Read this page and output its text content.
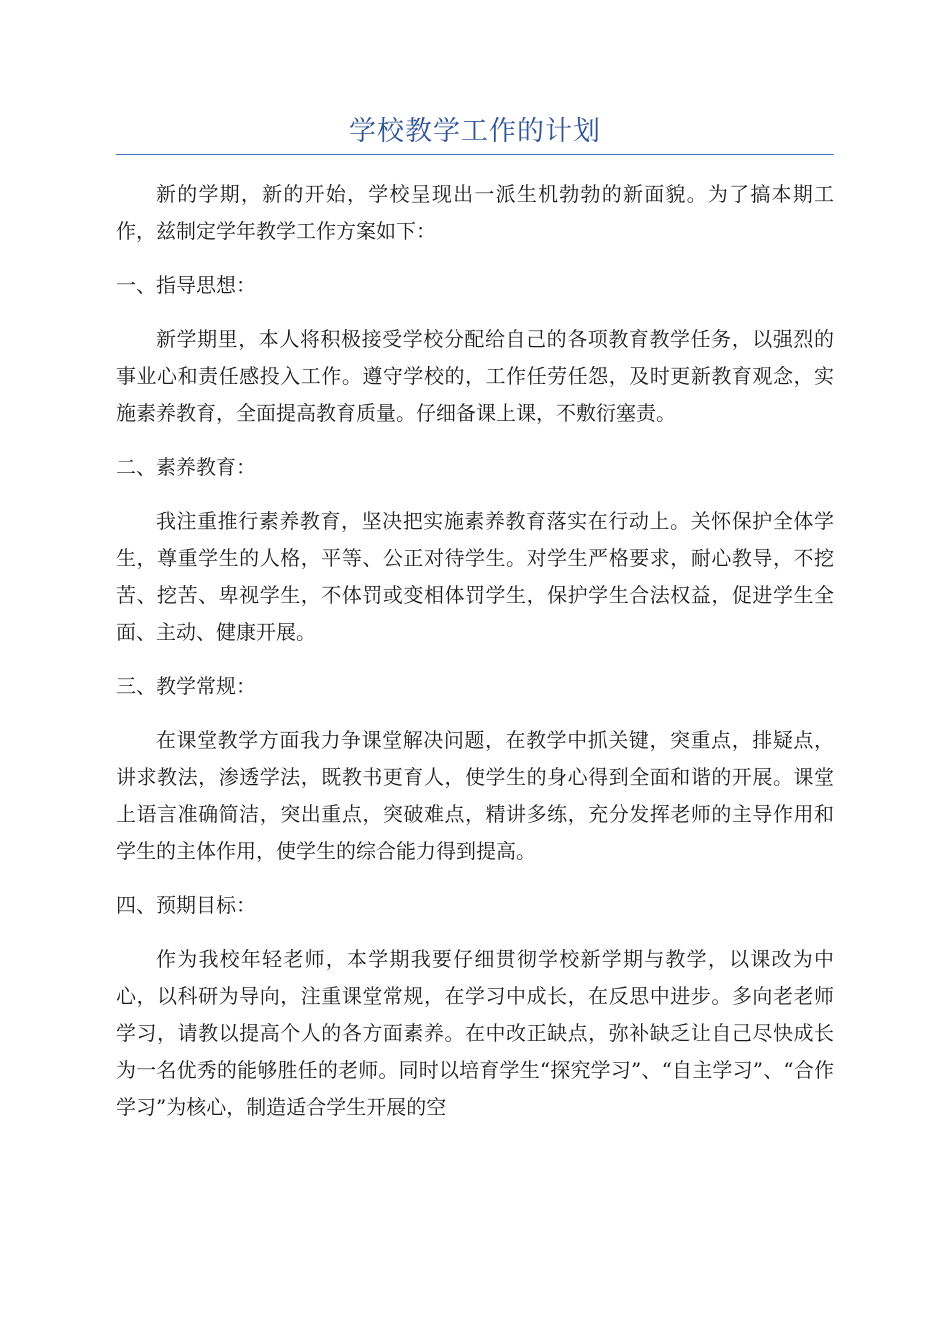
学校教学工作的计划

新的学期，新的开始，学校呈现出一派生机勃勃的新面貌。为了搞本期工作，兹制定学年教学工作方案如下：

一、指导思想：

新学期里，本人将积极接受学校分配给自己的各项教育教学任务，以强烈的事业心和责任感投入工作。遵守学校的，工作任劳任怨，及时更新教育观念，实施素养教育，全面提高教育质量。仔细备课上课，不敷衍塞责。

二、素养教育：

我注重推行素养教育，坚决把实施素养教育落实在行动上。关怀保护全体学生，尊重学生的人格，平等、公正对待学生。对学生严格要求，耐心教导，不挖苦、挖苦、卑视学生，不体罚或变相体罚学生，保护学生合法权益，促进学生全面、主动、健康开展。

三、教学常规：

在课堂教学方面我力争课堂解决问题，在教学中抓关键，突重点，排疑点，讲求教法，渗透学法，既教书更育人，使学生的身心得到全面和谐的开展。课堂上语言准确简洁，突出重点，突破难点，精讲多练，充分发挥老师的主导作用和学生的主体作用，使学生的综合能力得到提高。

四、预期目标：

作为我校年轻老师，本学期我要仔细贯彻学校新学期与教学，以课改为中心，以科研为导向，注重课堂常规，在学习中成长，在反思中进步。多向老老师学习，请教以提高个人的各方面素养。在中改正缺点，弥补缺乏让自己尽快成长为一名优秀的能够胜任的老师。同时以培育学生“探究学习”、“自主学习”、“合作学习”为核心，制造适合学生开展的空
